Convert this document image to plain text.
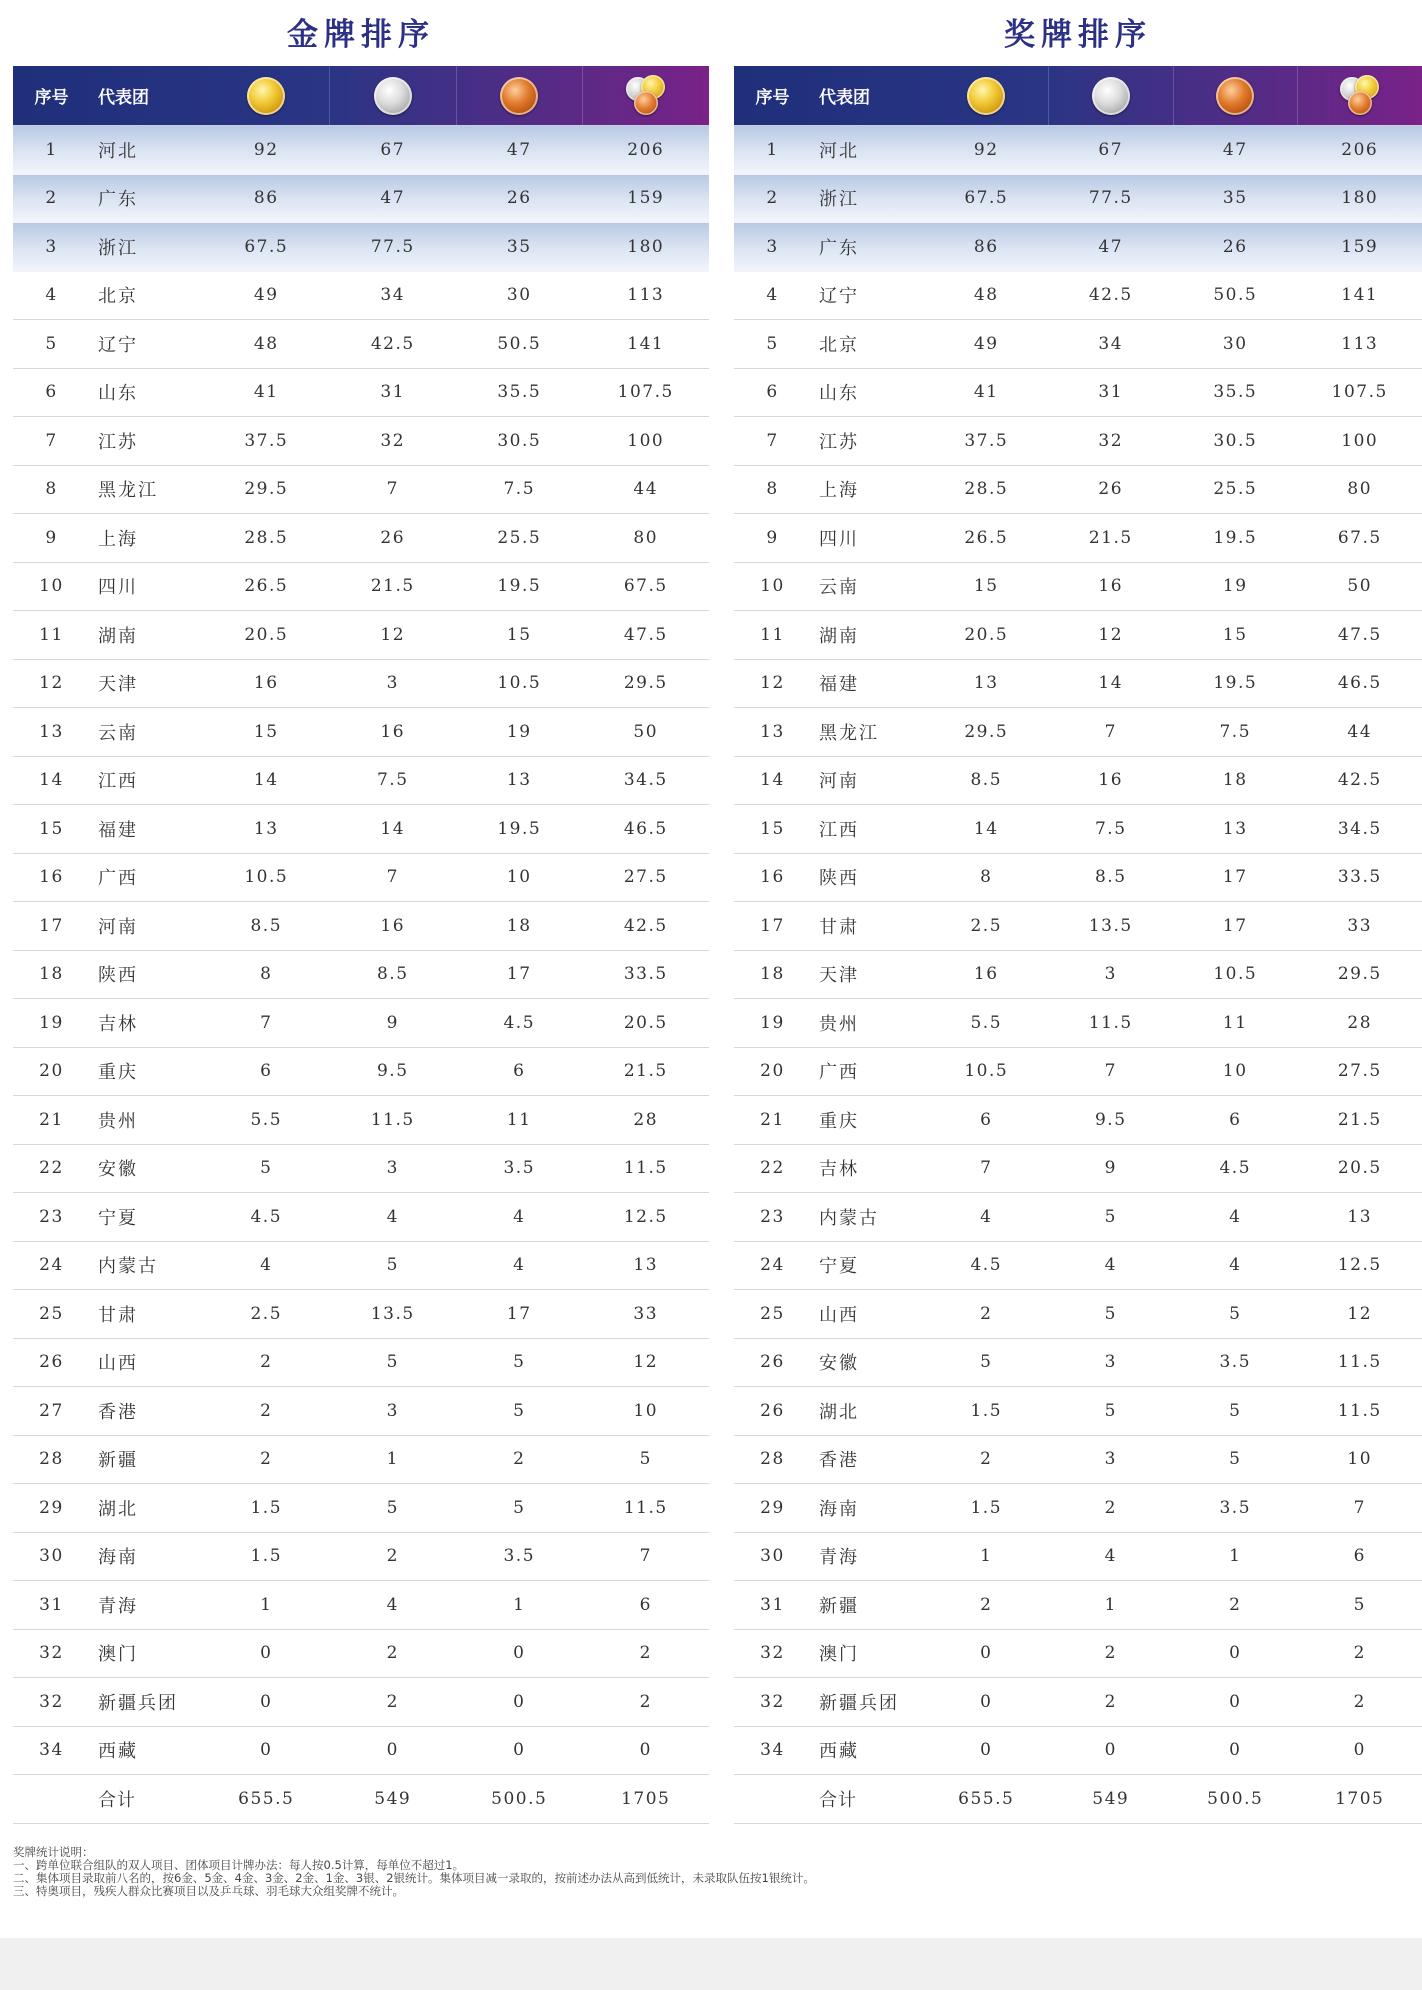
金牌排序
序号	代表团
1	河北	92	67	47	206
2	广东	86	47	26	159
3	浙江	67.5	77.5	35	180
4	北京	49	34	30	113
5	辽宁	48	42.5	50.5	141
6	山东	41	31	35.5	107.5
7	江苏	37.5	32	30.5	100
8	黑龙江	29.5	7	7.5	44
9	上海	28.5	26	25.5	80
10	四川	26.5	21.5	19.5	67.5
11	湖南	20.5	12	15	47.5
12	天津	16	3	10.5	29.5
13	云南	15	16	19	50
14	江西	14	7.5	13	34.5
15	福建	13	14	19.5	46.5
16	广西	10.5	7	10	27.5
17	河南	8.5	16	18	42.5
18	陕西	8	8.5	17	33.5
19	吉林	7	9	4.5	20.5
20	重庆	6	9.5	6	21.5
21	贵州	5.5	11.5	11	28
22	安徽	5	3	3.5	11.5
23	宁夏	4.5	4	4	12.5
24	内蒙古	4	5	4	13
25	甘肃	2.5	13.5	17	33
26	山西	2	5	5	12
27	香港	2	3	5	10
28	新疆	2	1	2	5
29	湖北	1.5	5	5	11.5
30	海南	1.5	2	3.5	7
31	青海	1	4	1	6
32	澳门	0	2	0	2
32	新疆兵团	0	2	0	2
34	西藏	0	0	0	0
合计	655.5	549	500.5	1705
奖牌排序
序号	代表团
1	河北	92	67	47	206
2	浙江	67.5	77.5	35	180
3	广东	86	47	26	159
4	辽宁	48	42.5	50.5	141
5	北京	49	34	30	113
6	山东	41	31	35.5	107.5
7	江苏	37.5	32	30.5	100
8	上海	28.5	26	25.5	80
9	四川	26.5	21.5	19.5	67.5
10	云南	15	16	19	50
11	湖南	20.5	12	15	47.5
12	福建	13	14	19.5	46.5
13	黑龙江	29.5	7	7.5	44
14	河南	8.5	16	18	42.5
15	江西	14	7.5	13	34.5
16	陕西	8	8.5	17	33.5
17	甘肃	2.5	13.5	17	33
18	天津	16	3	10.5	29.5
19	贵州	5.5	11.5	11	28
20	广西	10.5	7	10	27.5
21	重庆	6	9.5	6	21.5
22	吉林	7	9	4.5	20.5
23	内蒙古	4	5	4	13
24	宁夏	4.5	4	4	12.5
25	山西	2	5	5	12
26	安徽	5	3	3.5	11.5
26	湖北	1.5	5	5	11.5
28	香港	2	3	5	10
29	海南	1.5	2	3.5	7
30	青海	1	4	1	6
31	新疆	2	1	2	5
32	澳门	0	2	0	2
32	新疆兵团	0	2	0	2
34	西藏	0	0	0	0
合计	655.5	549	500.5	1705
奖牌统计说明：
一、跨单位联合组队的双人项目、团体项目计牌办法：每人按0.5计算，每单位不超过1。
二、集体项目录取前八名的，按6金、5金、4金、3金、2金、1金、3银、2银统计。集体项目减一录取的，按前述办法从高到低统计，未录取队伍按1银统计。
三、特奥项目，残疾人群众比赛项目以及乒乓球、羽毛球大众组奖牌不统计。
